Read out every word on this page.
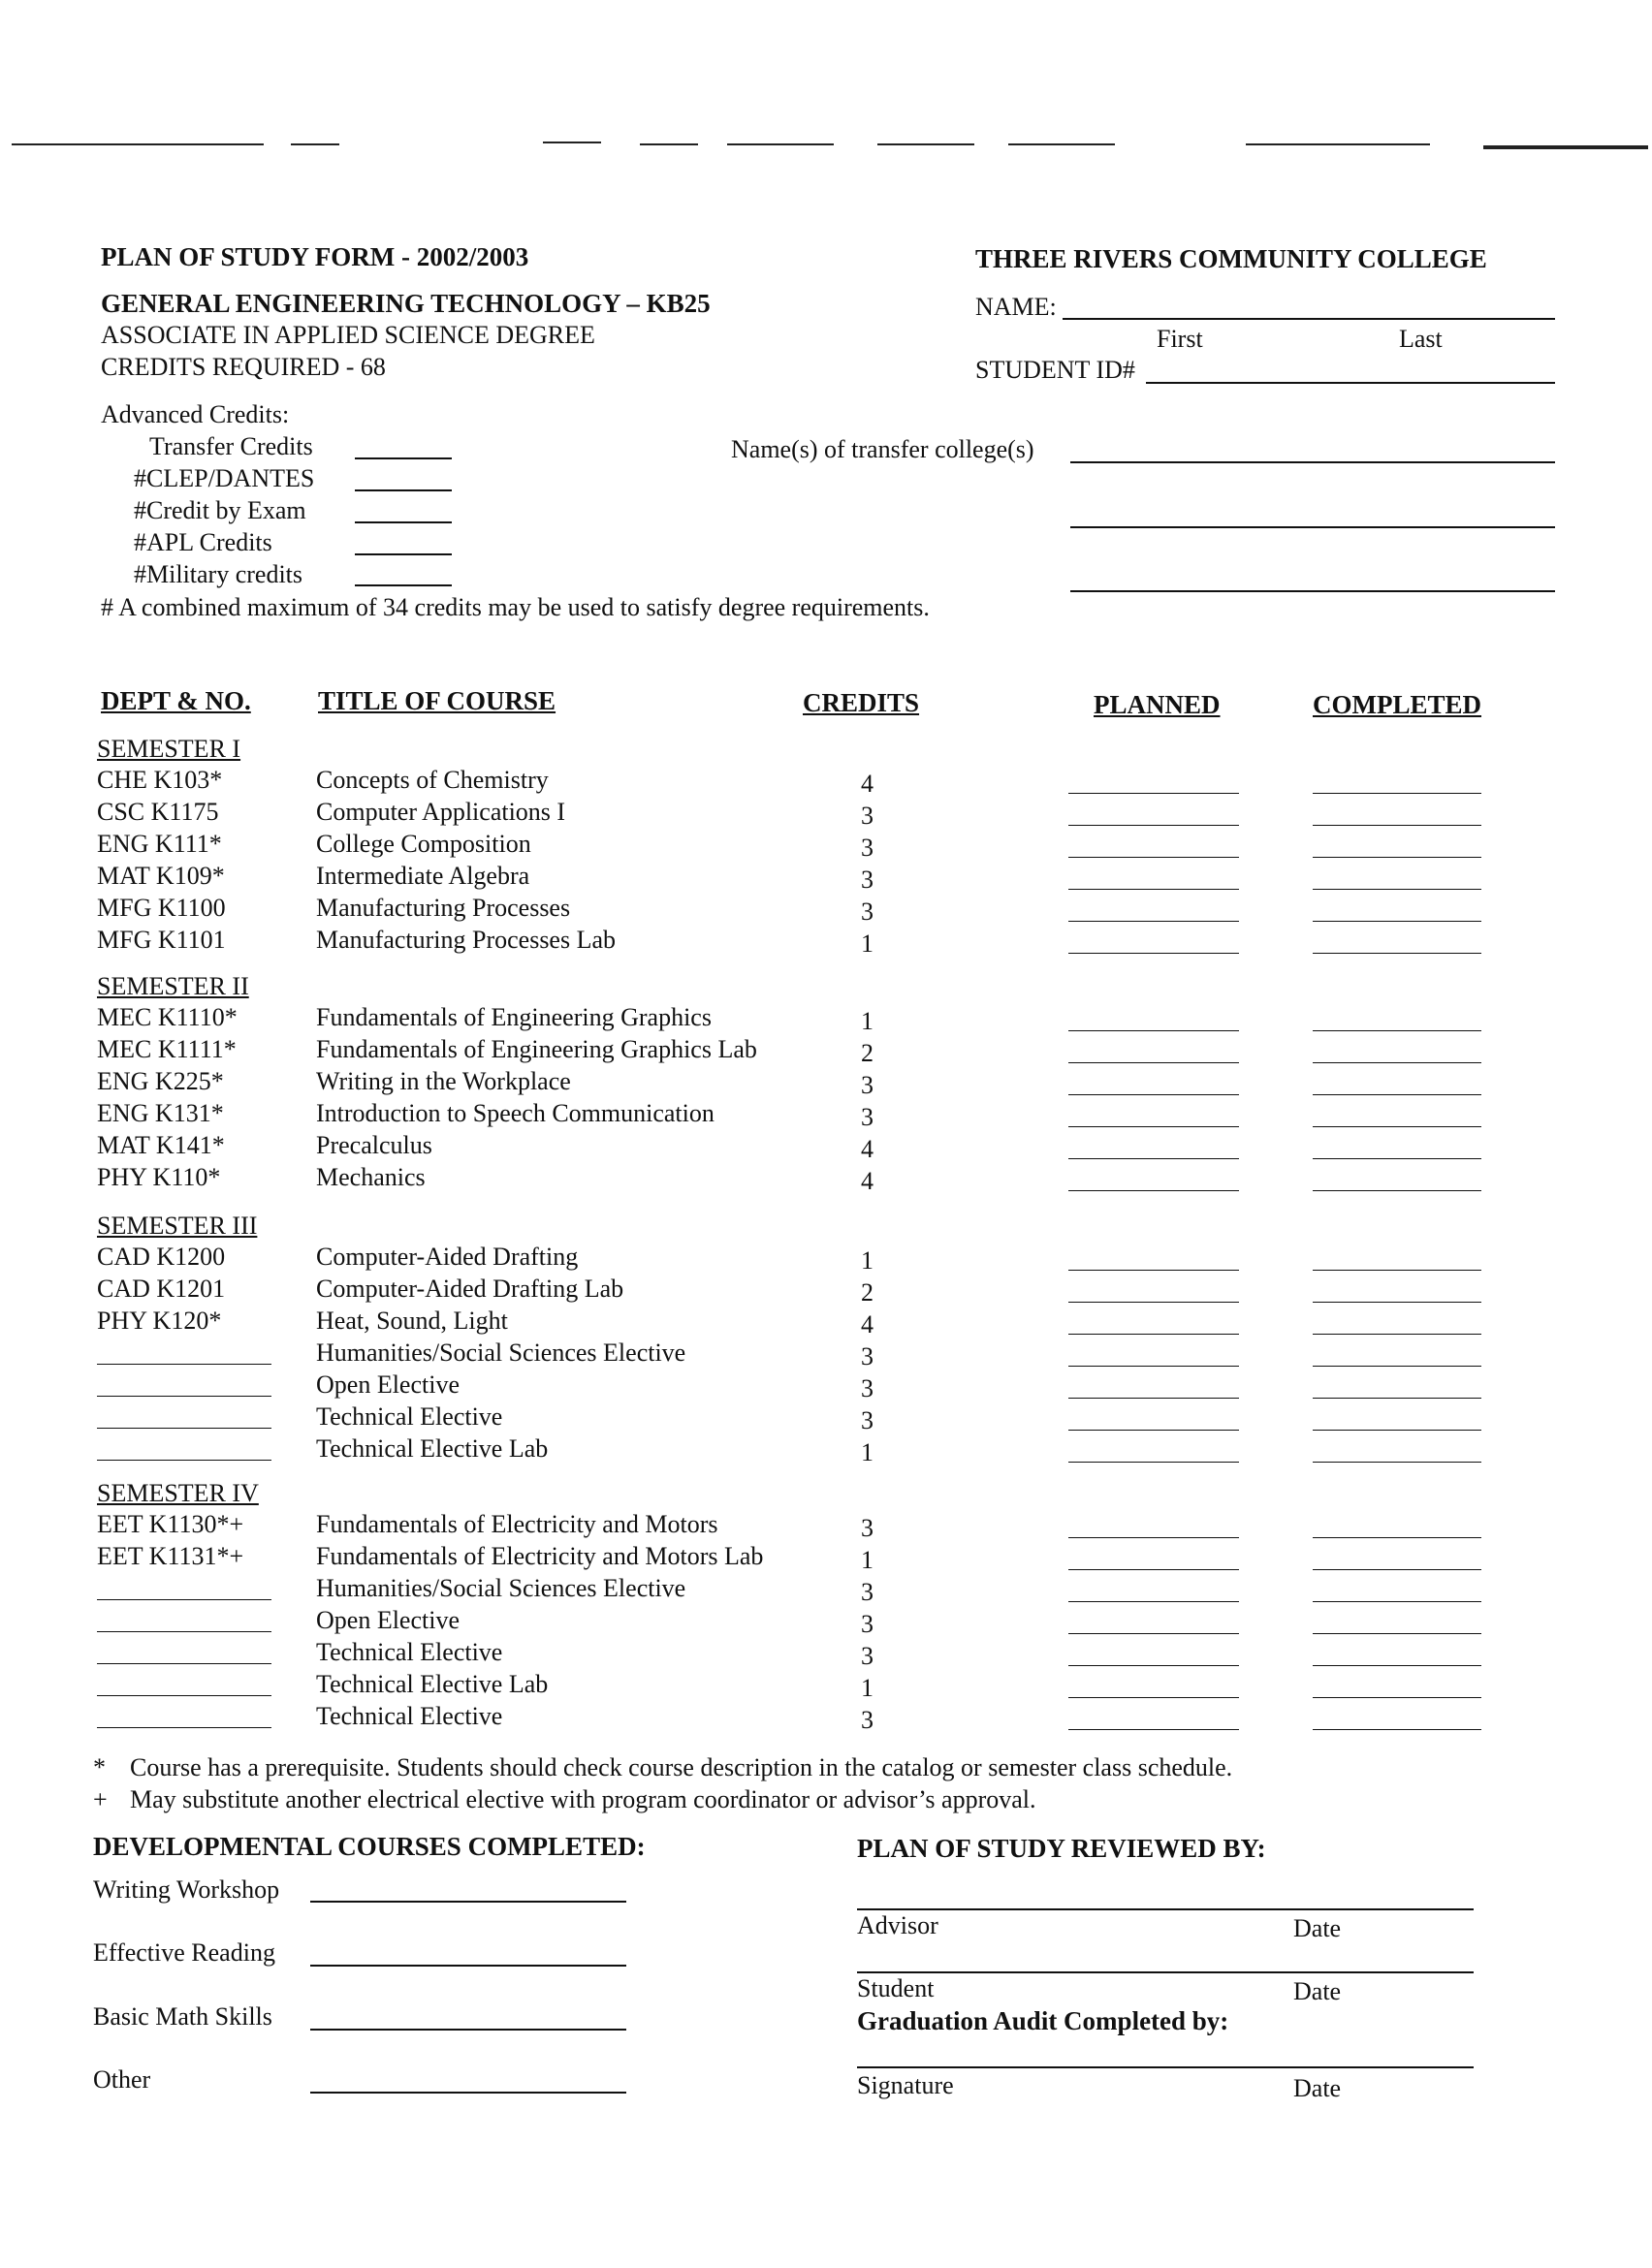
PLAN OF STUDY FORM - 2002/2003	THREE RIVERS COMMUNITY COLLEGE
GENERAL ENGINEERING TECHNOLOGY – KB25
ASSOCIATE IN APPLIED SCIENCE DEGREE
CREDITS REQUIRED - 68
NAME:
First	Last
STUDENT ID#
Advanced Credits:
Transfer Credits
#CLEP/DANTES
#Credit by Exam
#APL Credits
#Military credits
Name(s) of transfer college(s)
# A combined maximum of 34 credits may be used to satisfy degree requirements.
DEPT & NO.	TITLE OF COURSE	CREDITS	PLANNED	COMPLETED
SEMESTER I
CHE K103*	Concepts of Chemistry	4
CSC K1175	Computer Applications I	3
ENG K111*	College Composition	3
MAT K109*	Intermediate Algebra	3
MFG K1100	Manufacturing Processes	3
MFG K1101	Manufacturing Processes Lab	1
SEMESTER II
MEC K1110*	Fundamentals of Engineering Graphics	1
MEC K1111*	Fundamentals of Engineering Graphics Lab	2
ENG K225*	Writing in the Workplace	3
ENG K131*	Introduction to Speech Communication	3
MAT K141*	Precalculus	4
PHY K110*	Mechanics	4
SEMESTER III
CAD K1200	Computer-Aided Drafting	1
CAD K1201	Computer-Aided Drafting Lab	2
PHY K120*	Heat, Sound, Light	4
Humanities/Social Sciences Elective	3
Open Elective	3
Technical Elective	3
Technical Elective Lab	1
SEMESTER IV
EET K1130*+	Fundamentals of Electricity and Motors	3
EET K1131*+	Fundamentals of Electricity and Motors Lab	1
Humanities/Social Sciences Elective	3
Open Elective	3
Technical Elective	3
Technical Elective Lab	1
Technical Elective	3
* Course has a prerequisite. Students should check course description in the catalog or semester class schedule.
+ May substitute another electrical elective with program coordinator or advisor’s approval.
DEVELOPMENTAL COURSES COMPLETED:
Writing Workshop
Effective Reading
Basic Math Skills
Other
PLAN OF STUDY REVIEWED BY:
Advisor	Date
Student	Date
Graduation Audit Completed by:
Signature	Date
